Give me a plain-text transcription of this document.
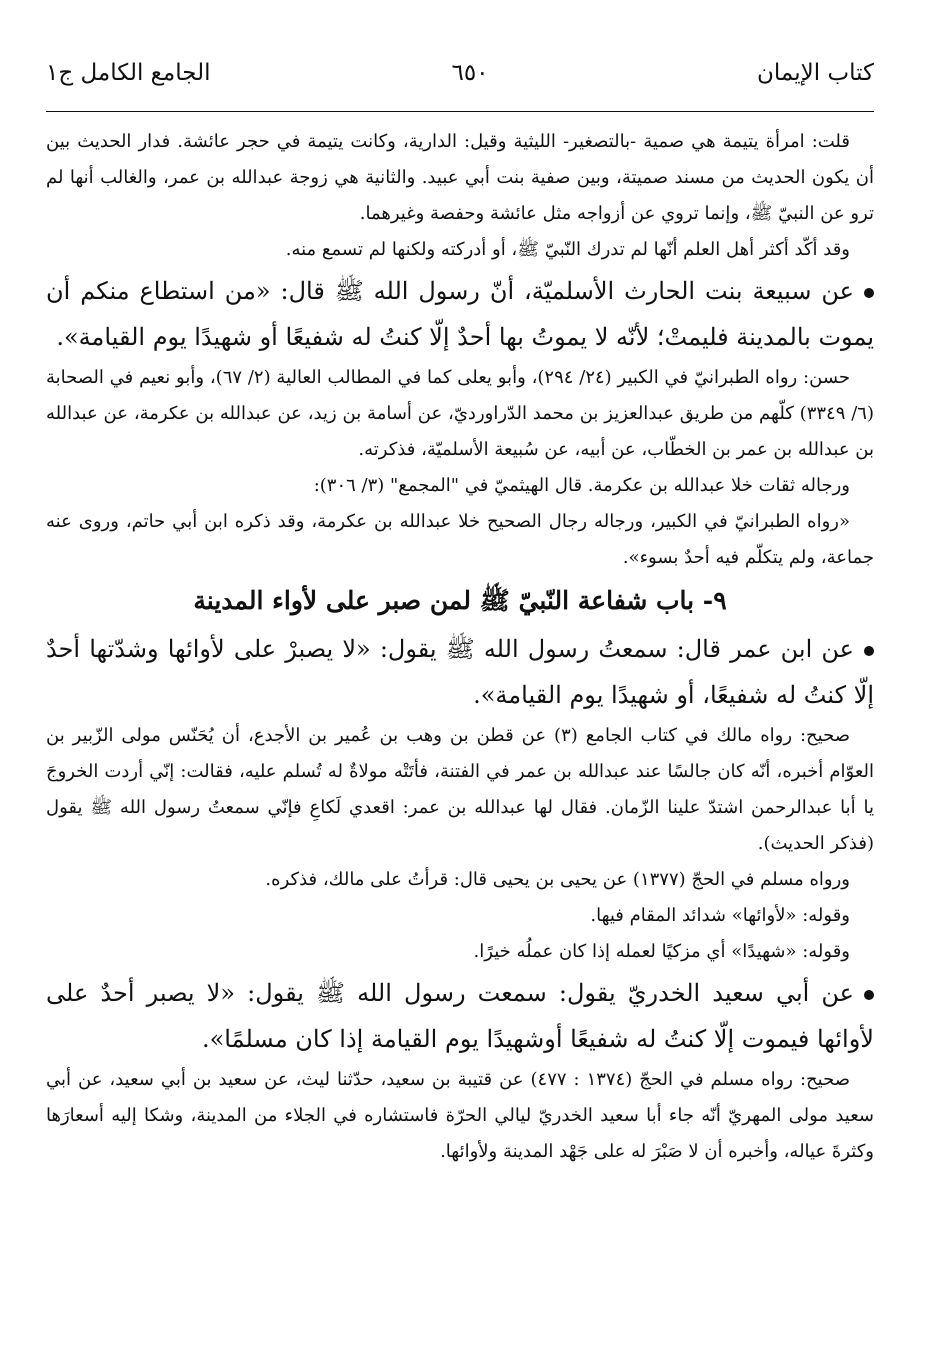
كتاب الإيمان
٦٥٠
الجامع الكامل ج١

قلت: امرأة يتيمة هي صمية -بالتصغير- الليثية وقيل: الدارية، وكانت يتيمة في حجر عائشة. فدار الحديث بين أن يكون الحديث من مسند صميتة، وبين صفية بنت أبي عبيد. والثانية هي زوجة عبدالله بن عمر، والغالب أنها لم ترو عن النبيّ ﷺ، وإنما تروي عن أزواجه مثل عائشة وحفصة وغيرهما.

وقد أكّد أكثر أهل العلم أنّها لم تدرك النّبيّ ﷺ، أو أدركته ولكنها لم تسمع منه.

عن سبيعة بنت الحارث الأسلميّة، أنّ رسول الله ﷺ قال: «من استطاع منكم أن يموت بالمدينة فليمتْ؛ لأنّه لا يموتُ بها أحدٌ إلّا كنتُ له شفيعًا أو شهيدًا يوم القيامة».

حسن: رواه الطبرانيّ في الكبير (٢٤/ ٢٩٤)، وأبو يعلى كما في المطالب العالية (٢/ ٦٧)، وأبو نعيم في الصحابة (٦/ ٣٣٤٩) كلّهم من طريق عبدالعزيز بن محمد الدّراورديّ، عن أسامة بن زيد، عن عبدالله بن عكرمة، عن عبدالله بن عبدالله بن عمر بن الخطّاب، عن أبيه، عن سُبيعة الأسلميّة، فذكرته.

ورجاله ثقات خلا عبدالله بن عكرمة. قال الهيثميّ في "المجمع" (٣/ ٣٠٦):

«رواه الطبرانيّ في الكبير، ورجاله رجال الصحيح خلا عبدالله بن عكرمة، وقد ذكره ابن أبي حاتم، وروى عنه جماعة، ولم يتكلّم فيه أحدٌ بسوء».

٩- باب شفاعة النّبيّ ﷺ لمن صبر على لأواء المدينة

عن ابن عمر قال: سمعتُ رسول الله ﷺ يقول: «لا يصبرْ على لأوائها وشدّتها أحدٌ إلّا كنتُ له شفيعًا، أو شهيدًا يوم القيامة».

صحيح: رواه مالك في كتاب الجامع (٣) عن قطن بن وهب بن عُمير بن الأجدع، أن يُحَنّس مولى الزّبير بن العوّام أخبره، أنّه كان جالسًا عند عبدالله بن عمر في الفتنة، فأتَتْه مولاةٌ له تُسلم عليه، فقالت: إنّي أردت الخروجَ يا أبا عبدالرحمن اشتدّ علينا الزّمان. فقال لها عبدالله بن عمر: اقعدي لَكاعِ فإنّي سمعتُ رسول الله ﷺ يقول (فذكر الحديث).

ورواه مسلم في الحجّ (١٣٧٧) عن يحيى بن يحيى قال: قرأتُ على مالك، فذكره.

وقوله: «لأوائها» شدائد المقام فيها.

وقوله: «شهيدًا» أي مزكيًا لعمله إذا كان عملُه خيرًا.

عن أبي سعيد الخدريّ يقول: سمعت رسول الله ﷺ يقول: «لا يصبر أحدٌ على لأوائها فيموت إلّا كنتُ له شفيعًا أوشهيدًا يوم القيامة إذا كان مسلمًا».

صحيح: رواه مسلم في الحجّ (١٣٧٤ : ٤٧٧) عن قتيبة بن سعيد، حدّثنا ليث، عن سعيد بن أبي سعيد، عن أبي سعيد مولى المهريّ أنّه جاء أبا سعيد الخدريّ ليالي الحرّة فاستشاره في الجلاء من المدينة، وشكا إليه أسعارَها وكثرةَ عياله، وأخبره أن لا صَبْرَ له على جَهْد المدينة ولأوائها.
